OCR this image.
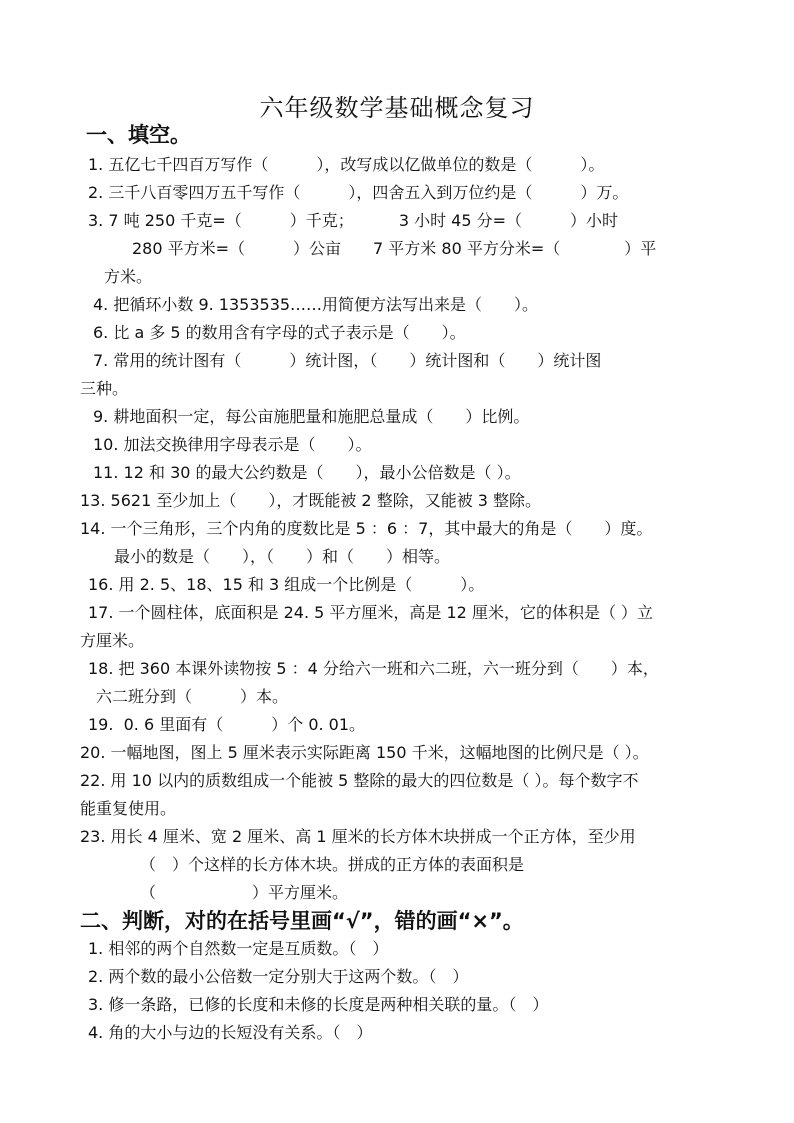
六年级数学基础概念复习
一、填空。
1. 五亿七千四百万写作（　　　），改写成以亿做单位的数是（　　　）。
2. 三千八百零四万五千写作（　　　），四舍五入到万位约是（　　　）万。
3. 7 吨 250 千克=（　　　）千克；　　　 3 小时 45 分=（　　　）小时
280 平方米=（　　　）公亩　　7 平方米 80 平方分米=（　　　　）平
方米。
4. 把循环小数 9. 1353535……用简便方法写出来是（　　）。
6. 比 a 多 5 的数用含有字母的式子表示是（　　）。
7. 常用的统计图有（　　　）统计图，（　　）统计图和（　　）统计图
三种。
9. 耕地面积一定，每公亩施肥量和施肥总量成（　　）比例。
10. 加法交换律用字母表示是（　　）。
11. 12 和 30 的最大公约数是（　　），最小公倍数是（ ）。
13. 5621 至少加上（　　），才既能被 2 整除，又能被 3 整除。
14. 一个三角形，三个内角的度数比是 5 ：6 ：7，其中最大的角是（　　）度。
最小的数是（　　），（　　）和（　　）相等。
16. 用 2. 5、18、15 和 3 组成一个比例是（　　　）。
17. 一个圆柱体，底面积是 24. 5 平方厘米，高是 12 厘米，它的体积是（ ）立
方厘米。
18. 把 360 本课外读物按 5 ：4 分给六一班和六二班，六一班分到（　　）本，
六二班分到（　　　）本。
19.  0. 6 里面有（　　　）个 0. 01。
20. 一幅地图，图上 5 厘米表示实际距离 150 千米，这幅地图的比例尺是（ ）。
22. 用 10 以内的质数组成一个能被 5 整除的最大的四位数是（ ）。每个数字不
能重复使用。
23. 用长 4 厘米、宽 2 厘米、高 1 厘米的长方体木块拼成一个正方体，至少用
（　）个这样的长方体木块。拼成的正方体的表面积是
（　　　　　　）平方厘米。
二、判断，对的在括号里画“√”，错的画“×”。
1. 相邻的两个自然数一定是互质数。（　）
2. 两个数的最小公倍数一定分别大于这两个数。（　）
3. 修一条路，已修的长度和未修的长度是两种相关联的量。（　）
4. 角的大小与边的长短没有关系。（　）
